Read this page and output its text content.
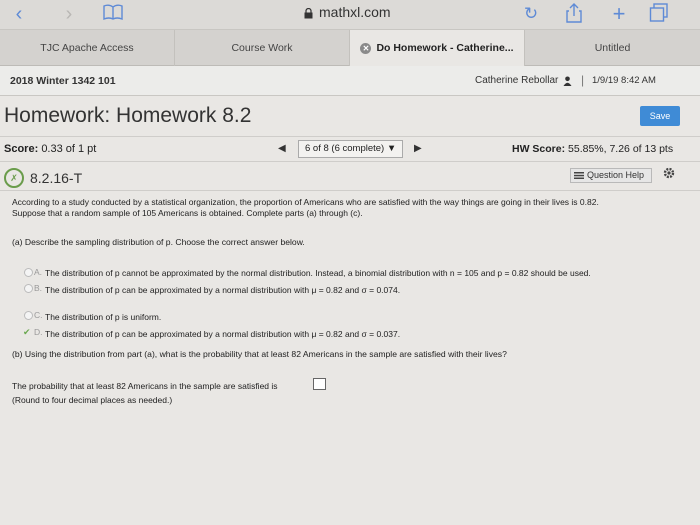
‹	›	mathxl.com	↻	+
TJC Apache Access	Course Work	✕ Do Homework - Catherine...	Untitled
2018 Winter 1342 101	Catherine Rebollar | 1/9/19 8:42 AM
Homework: Homework 8.2	Save
Score: 0.33 of 1 pt	◀	6 of 8 (6 complete) ▼	▶	HW Score: 55.85%, 7.26 of 13 pts
✗ 8.2.16-T	Question Help
According to a study conducted by a statistical organization, the proportion of Americans who are satisfied with the way things are going in their lives is 0.82.
Suppose that a random sample of 105 Americans is obtained. Complete parts (a) through (c).
(a) Describe the sampling distribution of p. Choose the correct answer below.
A. The distribution of p cannot be approximated by the normal distribution. Instead, a binomial distribution with n = 105 and p = 0.82 should be used.
B. The distribution of p can be approximated by a normal distribution with μ = 0.82 and σ = 0.074.
C. The distribution of p is uniform.
✔ D. The distribution of p can be approximated by a normal distribution with μ = 0.82 and σ = 0.037.
(b) Using the distribution from part (a), what is the probability that at least 82 Americans in the sample are satisfied with their lives?
The probability that at least 82 Americans in the sample are satisfied is
(Round to four decimal places as needed.)
